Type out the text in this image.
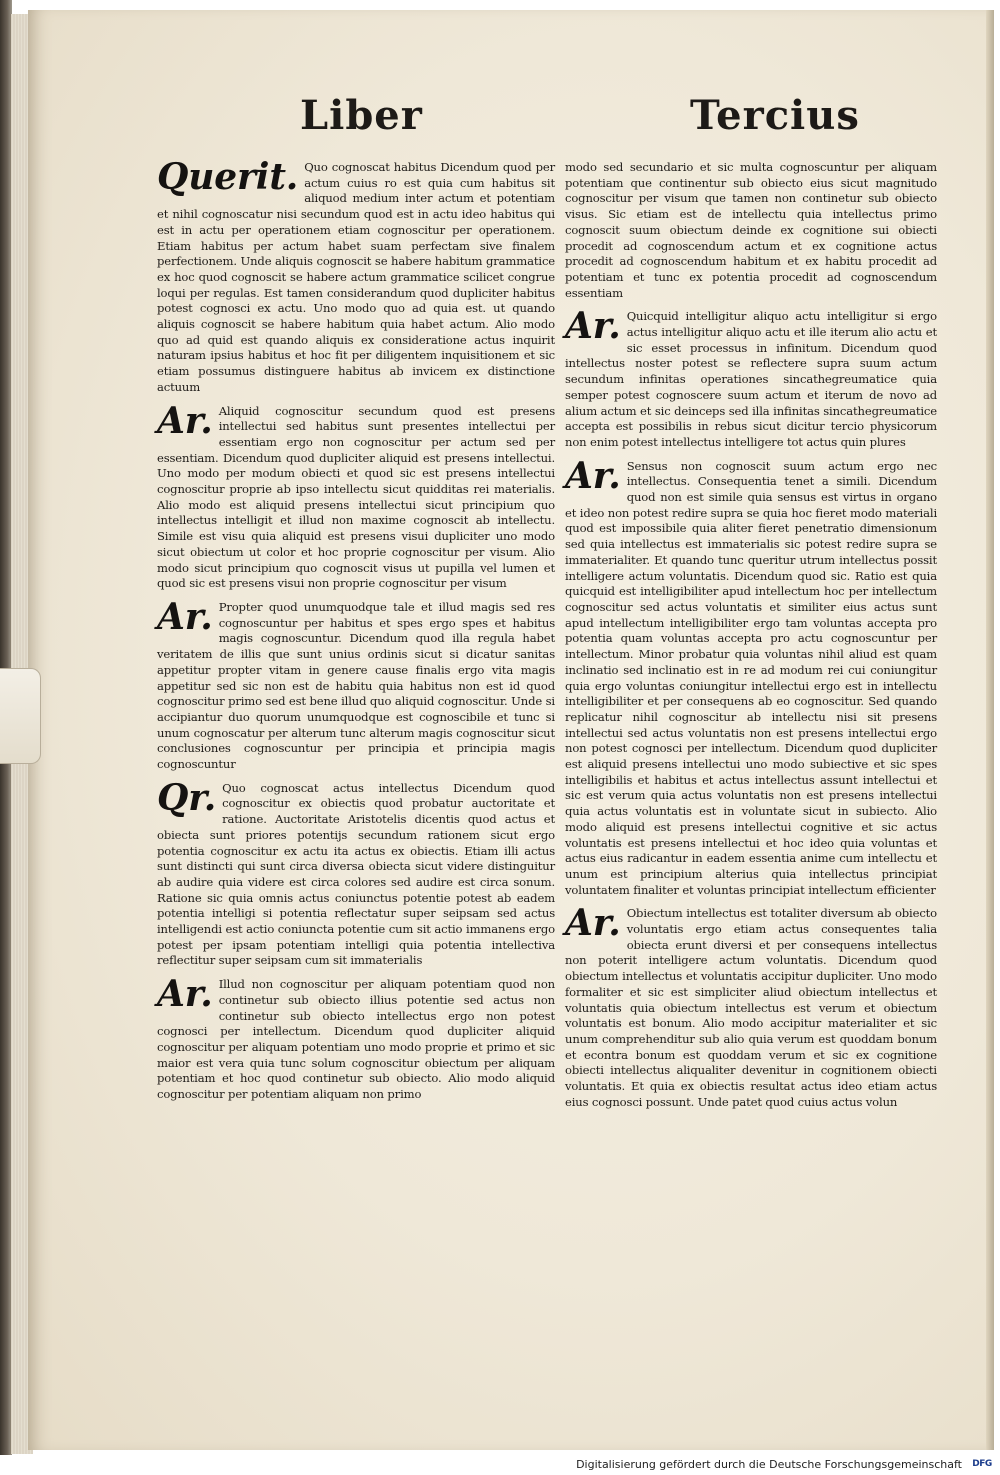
Liber	Tercius

Querit. Quo cognoscat habitus Dicendum quod per actum cuius ro est quia cum habitus sit aliquod medium inter actum et potentiam et nihil cognoscatur nisi secundum quod est in actu ideo habitus qui est in actu per operationem etiam cognoscitur per operationem. Etiam habitus per actum habet suam perfectam sive finalem perfectionem. Unde aliquis cognoscit se habere habitum grammatice ex hoc quod cognoscit se habere actum grammatice scilicet congrue loqui per regulas. Est tamen considerandum quod dupliciter habitus potest cognosci ex actu. Uno modo quo ad quia est. ut quando aliquis cognoscit se habere habitum quia habet actum. Alio modo quo ad quid est quando aliquis ex consideratione actus inquirit naturam ipsius habitus et hoc fit per diligentem inquisitionem et sic etiam possumus distinguere habitus ab invicem ex distinctione actuum

Ar. Aliquid cognoscitur secundum quod est presens intellectui sed habitus sunt presentes intellectui per essentiam ergo non cognoscitur per actum sed per essentiam. Dicendum quod dupliciter aliquid est presens intellectui. Uno modo per modum obiecti et quod sic est presens intellectui cognoscitur proprie ab ipso intellectu sicut quidditas rei materialis. Alio modo est aliquid presens intellectui sicut principium quo intellectus intelligit et illud non maxime cognoscit ab intellectu. Simile est visu quia aliquid est presens visui dupliciter uno modo sicut obiectum ut color et hoc proprie cognoscitur per visum. Alio modo sicut principium quo cognoscit visus ut pupilla vel lumen et quod sic est presens visui non proprie cognoscitur per visum

Ar. Propter quod unumquodque tale et illud magis sed res cognoscuntur per habitus et spes ergo spes et habitus magis cognoscuntur. Dicendum quod illa regula habet veritatem de illis que sunt unius ordinis sicut si dicatur sanitas appetitur propter vitam in genere cause finalis ergo vita magis appetitur sed sic non est de habitu quia habitus non est id quod cognoscitur primo sed est bene illud quo aliquid cognoscitur. Unde si accipiantur duo quorum unumquodque est cognoscibile et tunc si unum cognoscatur per alterum tunc alterum magis cognoscitur sicut conclusiones cognoscuntur per principia et principia magis cognoscuntur

Qr. Quo cognoscat actus intellectus Dicendum quod cognoscitur ex obiectis quod probatur auctoritate et ratione. Auctoritate Aristotelis dicentis quod actus et obiecta sunt priores potentijs secundum rationem sicut ergo potentia cognoscitur ex actu ita actus ex obiectis. Etiam illi actus sunt distincti qui sunt circa diversa obiecta sicut videre distinguitur ab audire quia videre est circa colores sed audire est circa sonum. Ratione sic quia omnis actus coniunctus potentie potest ab eadem potentia intelligi si potentia reflectatur super seipsam sed actus intelligendi est actio coniuncta potentie cum sit actio immanens ergo potest per ipsam potentiam intelligi quia potentia intellectiva reflectitur super seipsam cum sit immaterialis

Ar. Illud non cognoscitur per aliquam potentiam quod non continetur sub obiecto illius potentie sed actus non continetur sub obiecto intellectus ergo non potest cognosci per intellectum. Dicendum quod dupliciter aliquid cognoscitur per aliquam potentiam uno modo proprie et primo et sic maior est vera quia tunc solum cognoscitur obiectum per aliquam potentiam et hoc quod continetur sub obiecto. Alio modo aliquid cognoscitur per potentiam aliquam non primo

modo sed secundario et sic multa cognoscuntur per aliquam potentiam que continentur sub obiecto eius sicut magnitudo cognoscitur per visum que tamen non continetur sub obiecto visus. Sic etiam est de intellectu quia intellectus primo cognoscit suum obiectum deinde ex cognitione sui obiecti procedit ad cognoscendum actum et ex cognitione actus procedit ad cognoscendum habitum et ex habitu procedit ad potentiam et tunc ex potentia procedit ad cognoscendum essentiam

Ar. Quicquid intelligitur aliquo actu intelligitur si ergo actus intelligitur aliquo actu et ille iterum alio actu et sic esset processus in infinitum. Dicendum quod intellectus noster potest se reflectere supra suum actum secundum infinitas operationes sincathegreumatice quia semper potest cognoscere suum actum et iterum de novo ad alium actum et sic deinceps sed illa infinitas sincathegreumatice accepta est possibilis in rebus sicut dicitur tercio physicorum non enim potest intellectus intelligere tot actus quin plures

Ar. Sensus non cognoscit suum actum ergo nec intellectus. Consequentia tenet a simili. Dicendum quod non est simile quia sensus est virtus in organo et ideo non potest redire supra se quia hoc fieret modo materiali quod est impossibile quia aliter fieret penetratio dimensionum sed quia intellectus est immaterialis sic potest redire supra se immaterialiter. Et quando tunc queritur utrum intellectus possit intelligere actum voluntatis. Dicendum quod sic. Ratio est quia quicquid est intelligibiliter apud intellectum hoc per intellectum cognoscitur sed actus voluntatis et similiter eius actus sunt apud intellectum intelligibiliter ergo tam voluntas accepta pro potentia quam voluntas accepta pro actu cognoscuntur per intellectum. Minor probatur quia voluntas nihil aliud est quam inclinatio sed inclinatio est in re ad modum rei cui coniungitur quia ergo voluntas coniungitur intellectui ergo est in intellectu intelligibiliter et per consequens ab eo cognoscitur. Sed quando replicatur nihil cognoscitur ab intellectu nisi sit presens intellectui sed actus voluntatis non est presens intellectui ergo non potest cognosci per intellectum. Dicendum quod dupliciter est aliquid presens intellectui uno modo subiective et sic spes intelligibilis et habitus et actus intellectus assunt intellectui et sic est verum quia actus voluntatis non est presens intellectui quia actus voluntatis est in voluntate sicut in subiecto. Alio modo aliquid est presens intellectui cognitive et sic actus voluntatis est presens intellectui et hoc ideo quia voluntas et actus eius radicantur in eadem essentia anime cum intellectu et unum est principium alterius quia intellectus principiat voluntatem finaliter et voluntas principiat intellectum efficienter

Ar. Obiectum intellectus est totaliter diversum ab obiecto voluntatis ergo etiam actus consequentes talia obiecta erunt diversi et per consequens intellectus non poterit intelligere actum voluntatis. Dicendum quod obiectum intellectus et voluntatis accipitur dupliciter. Uno modo formaliter et sic est simpliciter aliud obiectum intellectus et voluntatis quia obiectum intellectus est verum et obiectum voluntatis est bonum. Alio modo accipitur materialiter et sic unum comprehenditur sub alio quia verum est quoddam bonum et econtra bonum est quoddam verum et sic ex cognitione obiecti intellectus aliqualiter devenitur in cognitionem obiecti voluntatis. Et quia ex obiectis resultat actus ideo etiam actus eius cognosci possunt. Unde patet quod cuius actus volun

Digitalisierung gefördert durch die Deutsche Forschungsgemeinschaft	DFG
